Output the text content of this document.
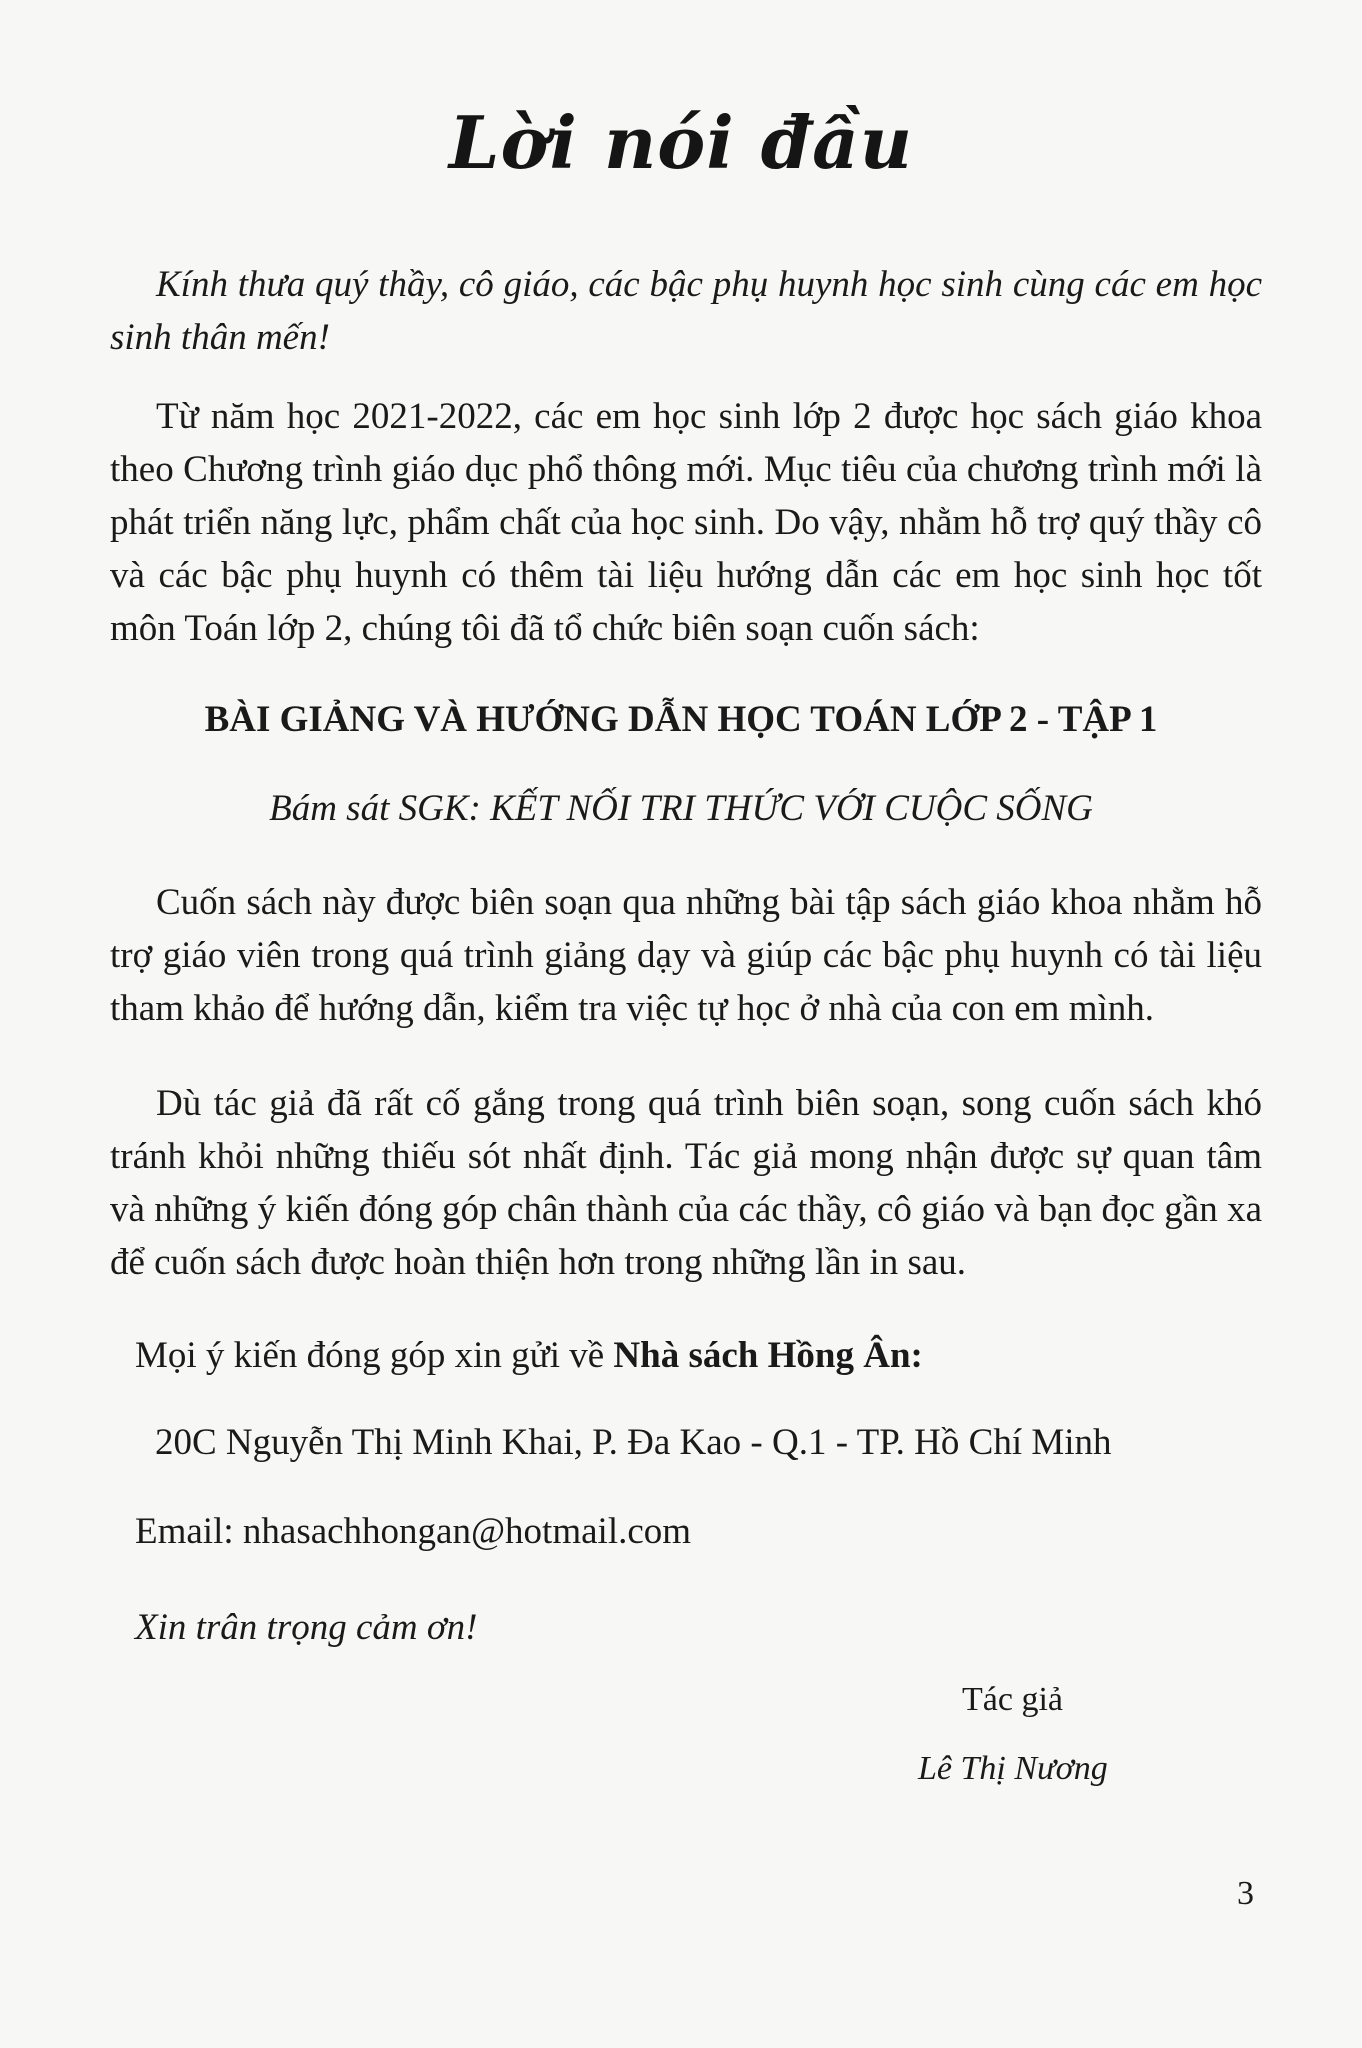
Lời nói đầu

Kính thưa quý thầy, cô giáo, các bậc phụ huynh học sinh cùng các em học sinh thân mến!

Từ năm học 2021-2022, các em học sinh lớp 2 được học sách giáo khoa theo Chương trình giáo dục phổ thông mới. Mục tiêu của chương trình mới là phát triển năng lực, phẩm chất của học sinh. Do vậy, nhằm hỗ trợ quý thầy cô và các bậc phụ huynh có thêm tài liệu hướng dẫn các em học sinh học tốt môn Toán lớp 2, chúng tôi đã tổ chức biên soạn cuốn sách:

BÀI GIẢNG VÀ HƯỚNG DẪN HỌC TOÁN LỚP 2 - TẬP 1

Bám sát SGK: KẾT NỐI TRI THỨC VỚI CUỘC SỐNG

Cuốn sách này được biên soạn qua những bài tập sách giáo khoa nhằm hỗ trợ giáo viên trong quá trình giảng dạy và giúp các bậc phụ huynh có tài liệu tham khảo để hướng dẫn, kiểm tra việc tự học ở nhà của con em mình.

Dù tác giả đã rất cố gắng trong quá trình biên soạn, song cuốn sách khó tránh khỏi những thiếu sót nhất định. Tác giả mong nhận được sự quan tâm và những ý kiến đóng góp chân thành của các thầy, cô giáo và bạn đọc gần xa để cuốn sách được hoàn thiện hơn trong những lần in sau.

Mọi ý kiến đóng góp xin gửi về Nhà sách Hồng Ân:

20C Nguyễn Thị Minh Khai, P. Đa Kao - Q.1 - TP. Hồ Chí Minh

Email: nhasachhongan@hotmail.com

Xin trân trọng cảm ơn!

Tác giả

Lê Thị Nương

3
